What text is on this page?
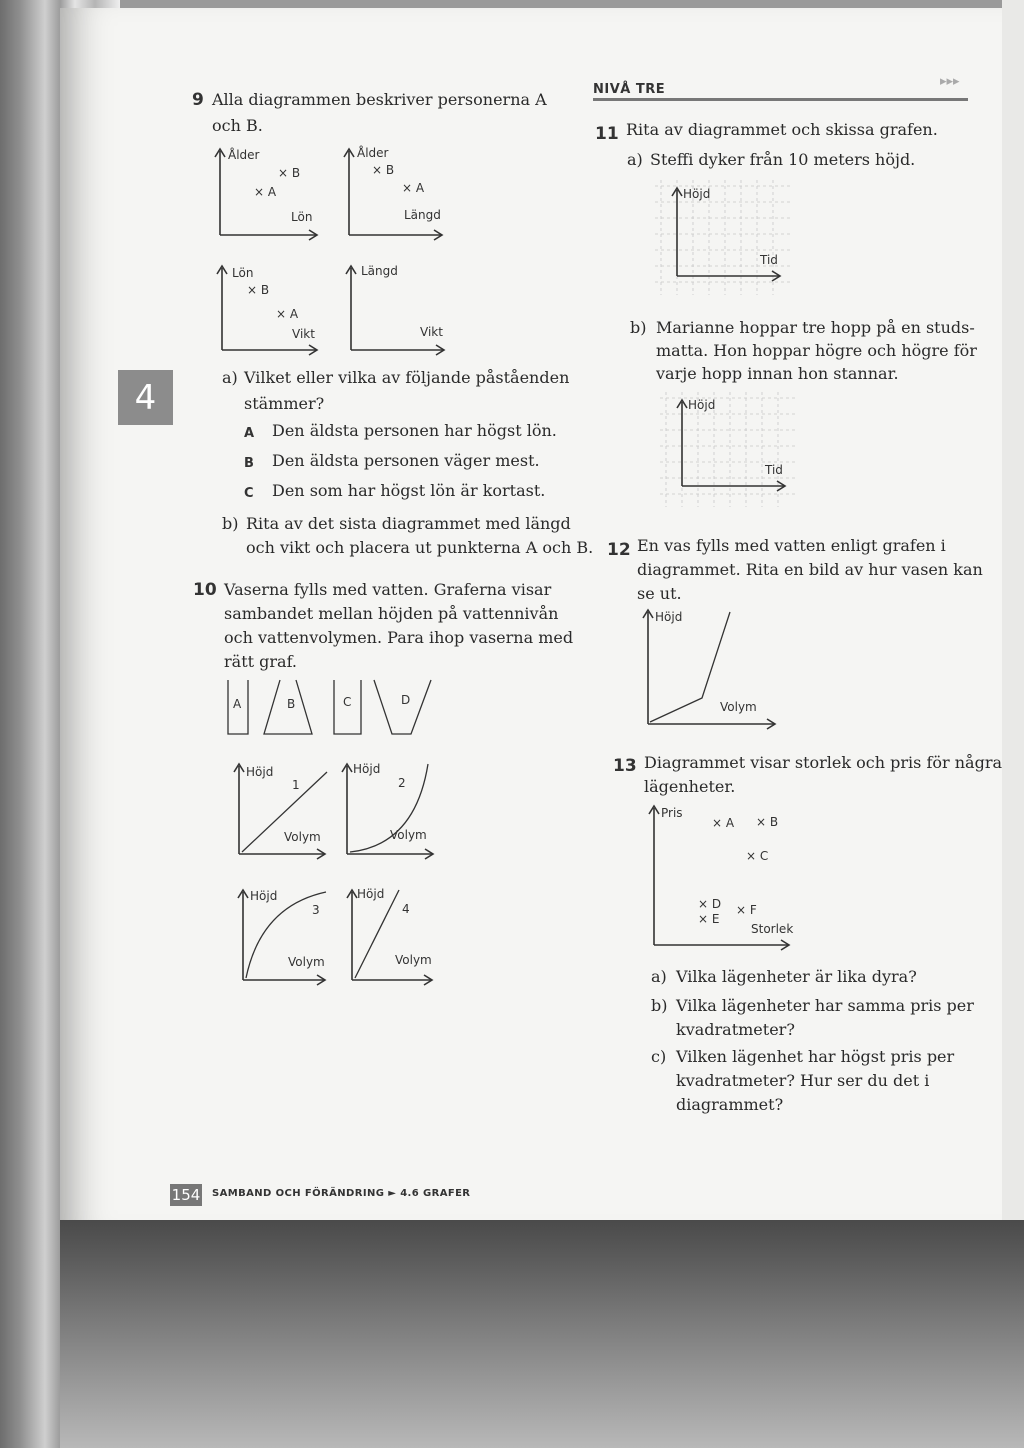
4
9 Alla diagrammen beskriver personerna A
och B.
Ålder
Lön
× B
× A
Ålder
Längd
× B
× A
Lön
Vikt
× B
× A
Längd
Vikt
a) Vilket eller vilka av följande påståenden
stämmer?
A Den äldsta personen har högst lön.
B Den äldsta personen väger mest.
C Den som har högst lön är kortast.
b) Rita av det sista diagrammet med längd
och vikt och placera ut punkterna A och B.
10 Vaserna fylls med vatten. Graferna visar
sambandet mellan höjden på vattennivån
och vattenvolymen. Para ihop vaserna med
rätt graf.
A	B	C	D
Höjd
Volym
1
Höjd
Volym
2
Höjd
Volym
3
Höjd
Volym
4
NIVÅ TRE
▸▸▸
11 Rita av diagrammet och skissa grafen.
a) Steffi dyker från 10 meters höjd.
Höjd
Tid
b) Marianne hoppar tre hopp på en studs-
matta. Hon hoppar högre och högre för
varje hopp innan hon stannar.
Höjd
Tid
12 En vas fylls med vatten enligt grafen i
diagrammet. Rita en bild av hur vasen kan
se ut.
Höjd
Volym
13 Diagrammet visar storlek och pris för några
lägenheter.
Pris
Storlek
× A × B
× C
× D
× E
× F
a) Vilka lägenheter är lika dyra?
b) Vilka lägenheter har samma pris per
kvadratmeter?
c) Vilken lägenhet har högst pris per
kvadratmeter? Hur ser du det i
diagrammet?
154 SAMBAND OCH FÖRÄNDRING ► 4.6 GRAFER
